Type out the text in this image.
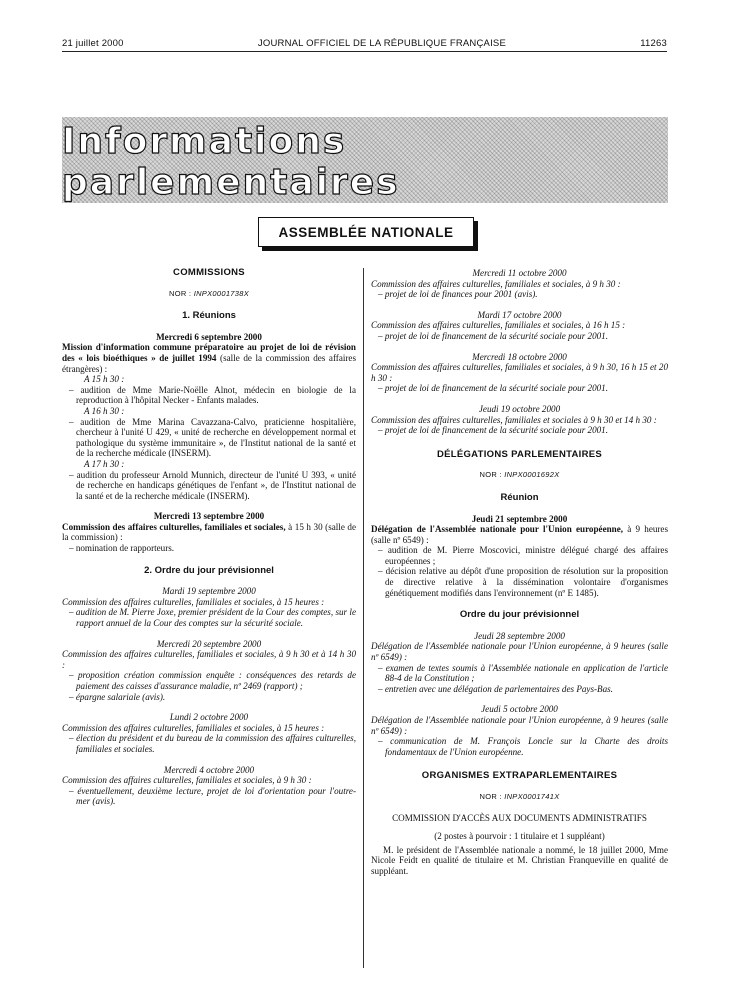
21 juillet 2000	JOURNAL OFFICIEL DE LA RÉPUBLIQUE FRANÇAISE	11263
Informations parlementaires
ASSEMBLÉE NATIONALE
COMMISSIONS
NOR : INPX0001738X
1. Réunions
Mercredi 6 septembre 2000

Mission d'information commune préparatoire au projet de loi de révision des « lois bioéthiques » de juillet 1994 (salle de la commission des affaires étrangères) :

A 15 h 30 :
– audition de Mme Marie-Noëlle Alnot, médecin en biologie de la reproduction à l'hôpital Necker - Enfants malades.
A 16 h 30 :
– audition de Mme Marina Cavazzana-Calvo, praticienne hospitalière, chercheur à l'unité U 429, « unité de recherche en développement normal et pathologique du système immunitaire », de l'Institut national de la santé et de la recherche médicale (INSERM).
A 17 h 30 :
– audition du professeur Arnold Munnich, directeur de l'unité U 393, « unité de recherche en handicaps génétiques de l'enfant », de l'Institut national de la santé et de la recherche médicale (INSERM).
Mercredi 13 septembre 2000

Commission des affaires culturelles, familiales et sociales, à 15 h 30 (salle de la commission) :

– nomination de rapporteurs.
2. Ordre du jour prévisionnel
Mardi 19 septembre 2000

Commission des affaires culturelles, familiales et sociales, à 15 heures :

– audition de M. Pierre Joxe, premier président de la Cour des comptes, sur le rapport annuel de la Cour des comptes sur la sécurité sociale.
Mercredi 20 septembre 2000

Commission des affaires culturelles, familiales et sociales, à 9 h 30 et à 14 h 30 :

– proposition création commission enquête : conséquences des retards de paiement des caisses d'assurance maladie, nº 2469 (rapport) ;
– épargne salariale (avis).
Lundi 2 octobre 2000

Commission des affaires culturelles, familiales et sociales, à 15 heures :

– élection du président et du bureau de la commission des affaires culturelles, familiales et sociales.
Mercredi 4 octobre 2000

Commission des affaires culturelles, familiales et sociales, à 9 h 30 :

– éventuellement, deuxième lecture, projet de loi d'orientation pour l'outre-mer (avis).
Mercredi 11 octobre 2000

Commission des affaires culturelles, familiales et sociales, à 9 h 30 :

– projet de loi de finances pour 2001 (avis).
Mardi 17 octobre 2000

Commission des affaires culturelles, familiales et sociales, à 16 h 15 :

– projet de loi de financement de la sécurité sociale pour 2001.
Mercredi 18 octobre 2000

Commission des affaires culturelles, familiales et sociales, à 9 h 30, 16 h 15 et 20 h 30 :

– projet de loi de financement de la sécurité sociale pour 2001.
Jeudi 19 octobre 2000

Commission des affaires culturelles, familiales et sociales à 9 h 30 et 14 h 30 :

– projet de loi de financement de la sécurité sociale pour 2001.
DÉLÉGATIONS PARLEMENTAIRES
NOR : INPX0001692X
Réunion
Jeudi 21 septembre 2000

Délégation de l'Assemblée nationale pour l'Union européenne, à 9 heures (salle nº 6549) :

– audition de M. Pierre Moscovici, ministre délégué chargé des affaires européennes ;
– décision relative au dépôt d'une proposition de résolution sur la proposition de directive relative à la dissémination volontaire d'organismes génétiquement modifiés dans l'environnement (nº E 1485).
Ordre du jour prévisionnel
Jeudi 28 septembre 2000

Délégation de l'Assemblée nationale pour l'Union européenne, à 9 heures (salle nº 6549) :

– examen de textes soumis à l'Assemblée nationale en application de l'article 88-4 de la Constitution ;
– entretien avec une délégation de parlementaires des Pays-Bas.
Jeudi 5 octobre 2000

Délégation de l'Assemblée nationale pour l'Union européenne, à 9 heures (salle nº 6549) :

– communication de M. François Loncle sur la Charte des droits fondamentaux de l'Union européenne.
ORGANISMES EXTRAPARLEMENTAIRES
NOR : INPX0001741X
COMMISSION D'ACCÈS AUX DOCUMENTS ADMINISTRATIFS
(2 postes à pourvoir : 1 titulaire et 1 suppléant)

M. le président de l'Assemblée nationale a nommé, le 18 juillet 2000, Mme Nicole Feidt en qualité de titulaire et M. Christian Franqueville en qualité de suppléant.
